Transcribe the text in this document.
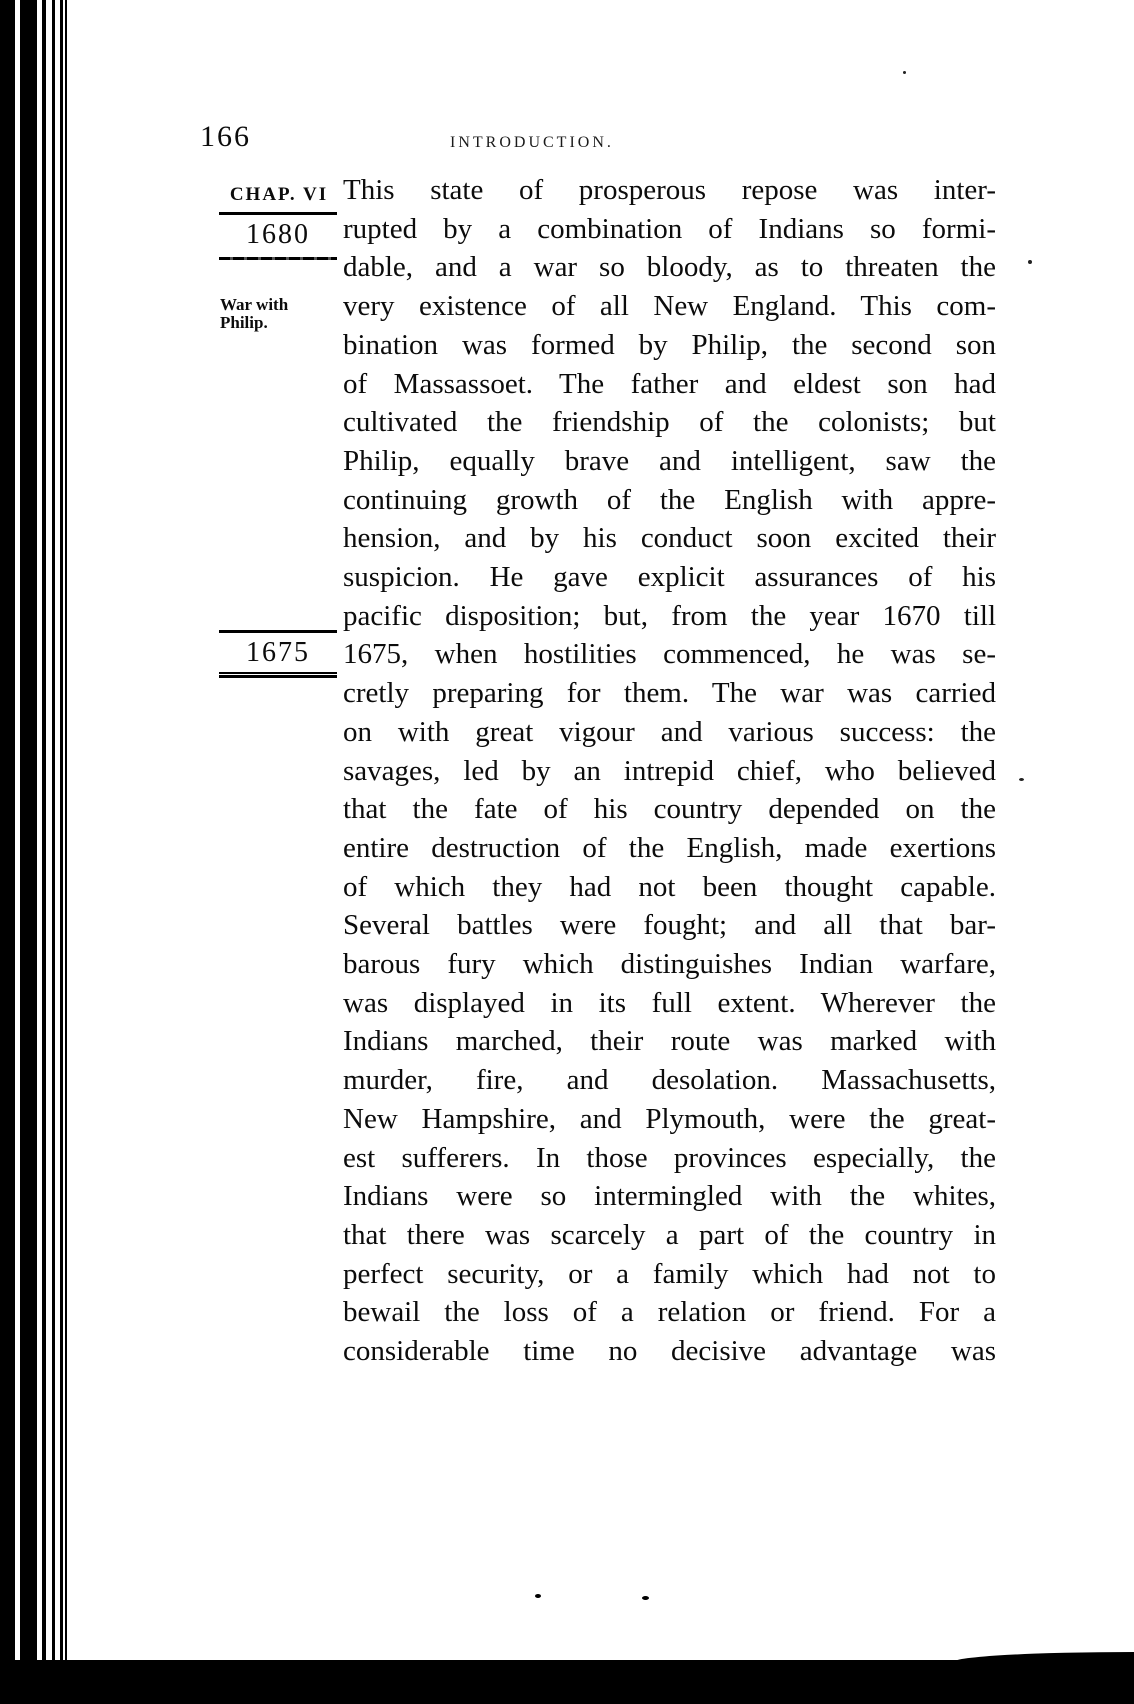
166	INTRODUCTION.
CHAP. VI
1680
War with
Philip.
1675
This state of prosperous repose was inter-
rupted by a combination of Indians so formi-
dable, and a war so bloody, as to threaten the
very existence of all New England. This com-
bination was formed by Philip, the second son
of Massassoet. The father and eldest son had
cultivated the friendship of the colonists; but
Philip, equally brave and intelligent, saw the
continuing growth of the English with appre-
hension, and by his conduct soon excited their
suspicion. He gave explicit assurances of his
pacific disposition; but, from the year 1670 till
1675, when hostilities commenced, he was se-
cretly preparing for them. The war was carried
on with great vigour and various success: the
savages, led by an intrepid chief, who believed
that the fate of his country depended on the
entire destruction of the English, made exertions
of which they had not been thought capable.
Several battles were fought; and all that bar-
barous fury which distinguishes Indian warfare,
was displayed in its full extent. Wherever the
Indians marched, their route was marked with
murder, fire, and desolation. Massachusetts,
New Hampshire, and Plymouth, were the great-
est sufferers. In those provinces especially, the
Indians were so intermingled with the whites,
that there was scarcely a part of the country in
perfect security, or a family which had not to
bewail the loss of a relation or friend. For a
considerable time no decisive advantage was
